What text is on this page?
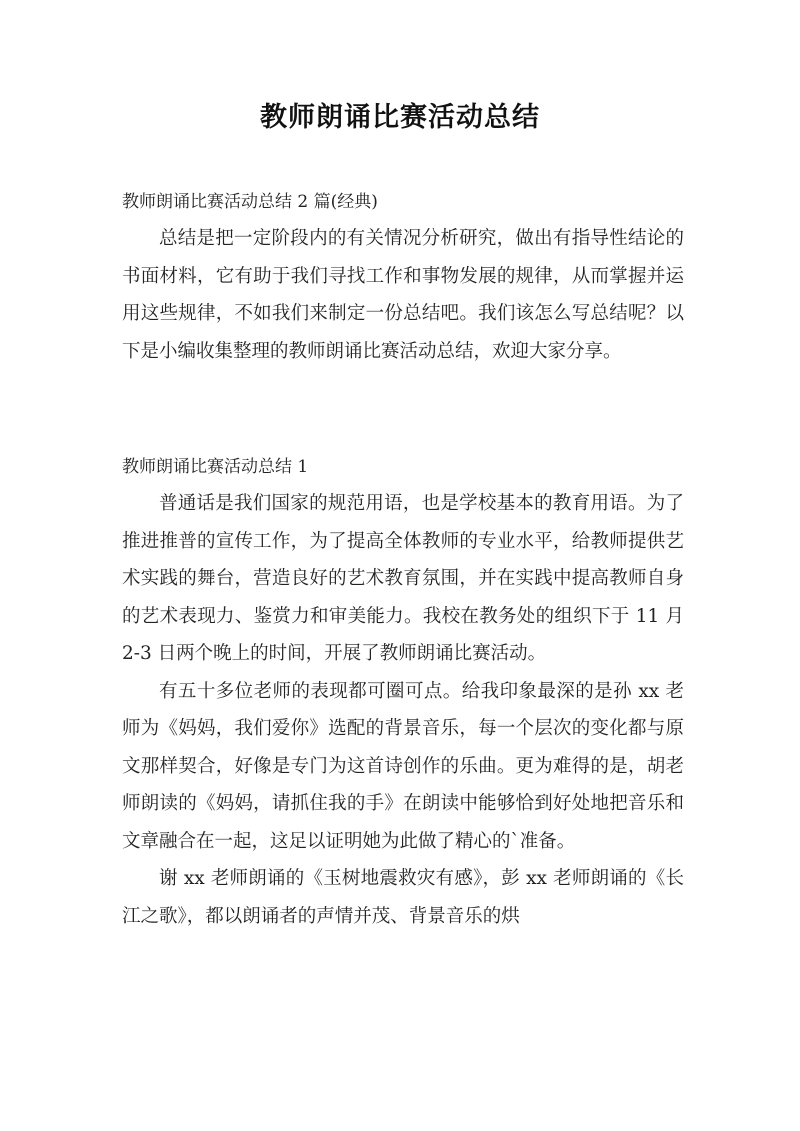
教师朗诵比赛活动总结

教师朗诵比赛活动总结 2 篇(经典)

总结是把一定阶段内的有关情况分析研究，做出有指导性结论的书面材料，它有助于我们寻找工作和事物发展的规律，从而掌握并运用这些规律，不如我们来制定一份总结吧。我们该怎么写总结呢？以下是小编收集整理的教师朗诵比赛活动总结，欢迎大家分享。

教师朗诵比赛活动总结 1

普通话是我们国家的规范用语，也是学校基本的教育用语。为了推进推普的宣传工作，为了提高全体教师的专业水平，给教师提供艺术实践的舞台，营造良好的艺术教育氛围，并在实践中提高教师自身的艺术表现力、鉴赏力和审美能力。我校在教务处的组织下于 11 月 2-3 日两个晚上的时间，开展了教师朗诵比赛活动。

有五十多位老师的表现都可圈可点。给我印象最深的是孙 xx 老师为《妈妈，我们爱你》选配的背景音乐，每一个层次的变化都与原文那样契合，好像是专门为这首诗创作的乐曲。更为难得的是，胡老师朗读的《妈妈，请抓住我的手》在朗读中能够恰到好处地把音乐和文章融合在一起，这足以证明她为此做了精心的`准备。

谢 xx 老师朗诵的《玉树地震救灾有感》，彭 xx 老师朗诵的《长江之歌》，都以朗诵者的声情并茂、背景音乐的烘
